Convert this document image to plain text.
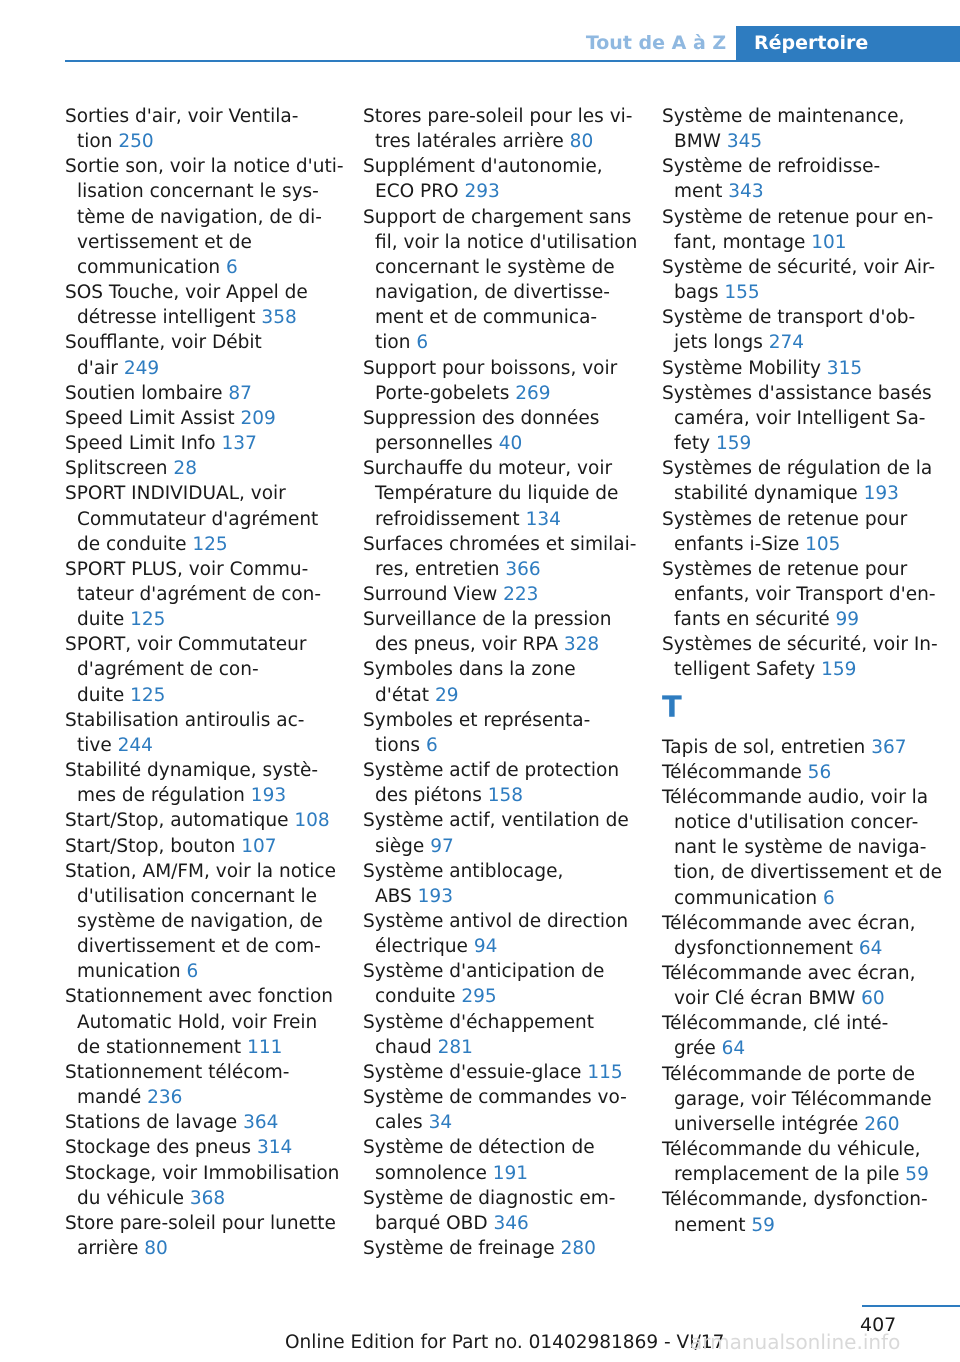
Tout de A à Z	Répertoire
Sorties d'air, voir Ventila-
tion 250
Sortie son, voir la notice d'uti-
lisation concernant le sys-
tème de navigation, de di-
vertissement et de
communication 6
SOS Touche, voir Appel de
détresse intelligent 358
Soufflante, voir Débit
d'air 249
Soutien lombaire 87
Speed Limit Assist 209
Speed Limit Info 137
Splitscreen 28
SPORT INDIVIDUAL, voir
Commutateur d'agrément
de conduite 125
SPORT PLUS, voir Commu-
tateur d'agrément de con-
duite 125
SPORT, voir Commutateur
d'agrément de con-
duite 125
Stabilisation antiroulis ac-
tive 244
Stabilité dynamique, systè-
mes de régulation 193
Start/Stop, automatique 108
Start/Stop, bouton 107
Station, AM/FM, voir la notice
d'utilisation concernant le
système de navigation, de
divertissement et de com-
munication 6
Stationnement avec fonction
Automatic Hold, voir Frein
de stationnement 111
Stationnement télécom-
mandé 236
Stations de lavage 364
Stockage des pneus 314
Stockage, voir Immobilisation
du véhicule 368
Store pare-soleil pour lunette
arrière 80
Stores pare-soleil pour les vi-
tres latérales arrière 80
Supplément d'autonomie,
ECO PRO 293
Support de chargement sans
fil, voir la notice d'utilisation
concernant le système de
navigation, de divertisse-
ment et de communica-
tion 6
Support pour boissons, voir
Porte-gobelets 269
Suppression des données
personnelles 40
Surchauffe du moteur, voir
Température du liquide de
refroidissement 134
Surfaces chromées et similai-
res, entretien 366
Surround View 223
Surveillance de la pression
des pneus, voir RPA 328
Symboles dans la zone
d'état 29
Symboles et représenta-
tions 6
Système actif de protection
des piétons 158
Système actif, ventilation de
siège 97
Système antiblocage,
ABS 193
Système antivol de direction
électrique 94
Système d'anticipation de
conduite 295
Système d'échappement
chaud 281
Système d'essuie-glace 115
Système de commandes vo-
cales 34
Système de détection de
somnolence 191
Système de diagnostic em-
barqué OBD 346
Système de freinage 280
Système de maintenance,
BMW 345
Système de refroidisse-
ment 343
Système de retenue pour en-
fant, montage 101
Système de sécurité, voir Air-
bags 155
Système de transport d'ob-
jets longs 274
Système Mobility 315
Systèmes d'assistance basés
caméra, voir Intelligent Sa-
fety 159
Systèmes de régulation de la
stabilité dynamique 193
Systèmes de retenue pour
enfants i-Size 105
Systèmes de retenue pour
enfants, voir Transport d'en-
fants en sécurité 99
Systèmes de sécurité, voir In-
telligent Safety 159
T
Tapis de sol, entretien 367
Télécommande 56
Télécommande audio, voir la
notice d'utilisation concer-
nant le système de naviga-
tion, de divertissement et de
communication 6
Télécommande avec écran,
dysfonctionnement 64
Télécommande avec écran,
voir Clé écran BMW 60
Télécommande, clé inté-
grée 64
Télécommande de porte de
garage, voir Télécommande
universelle intégrée 260
Télécommande du véhicule,
remplacement de la pile 59
Télécommande, dysfonction-
nement 59
407
Online Edition for Part no. 01402981869 - VI/17
armanualsonline.info
